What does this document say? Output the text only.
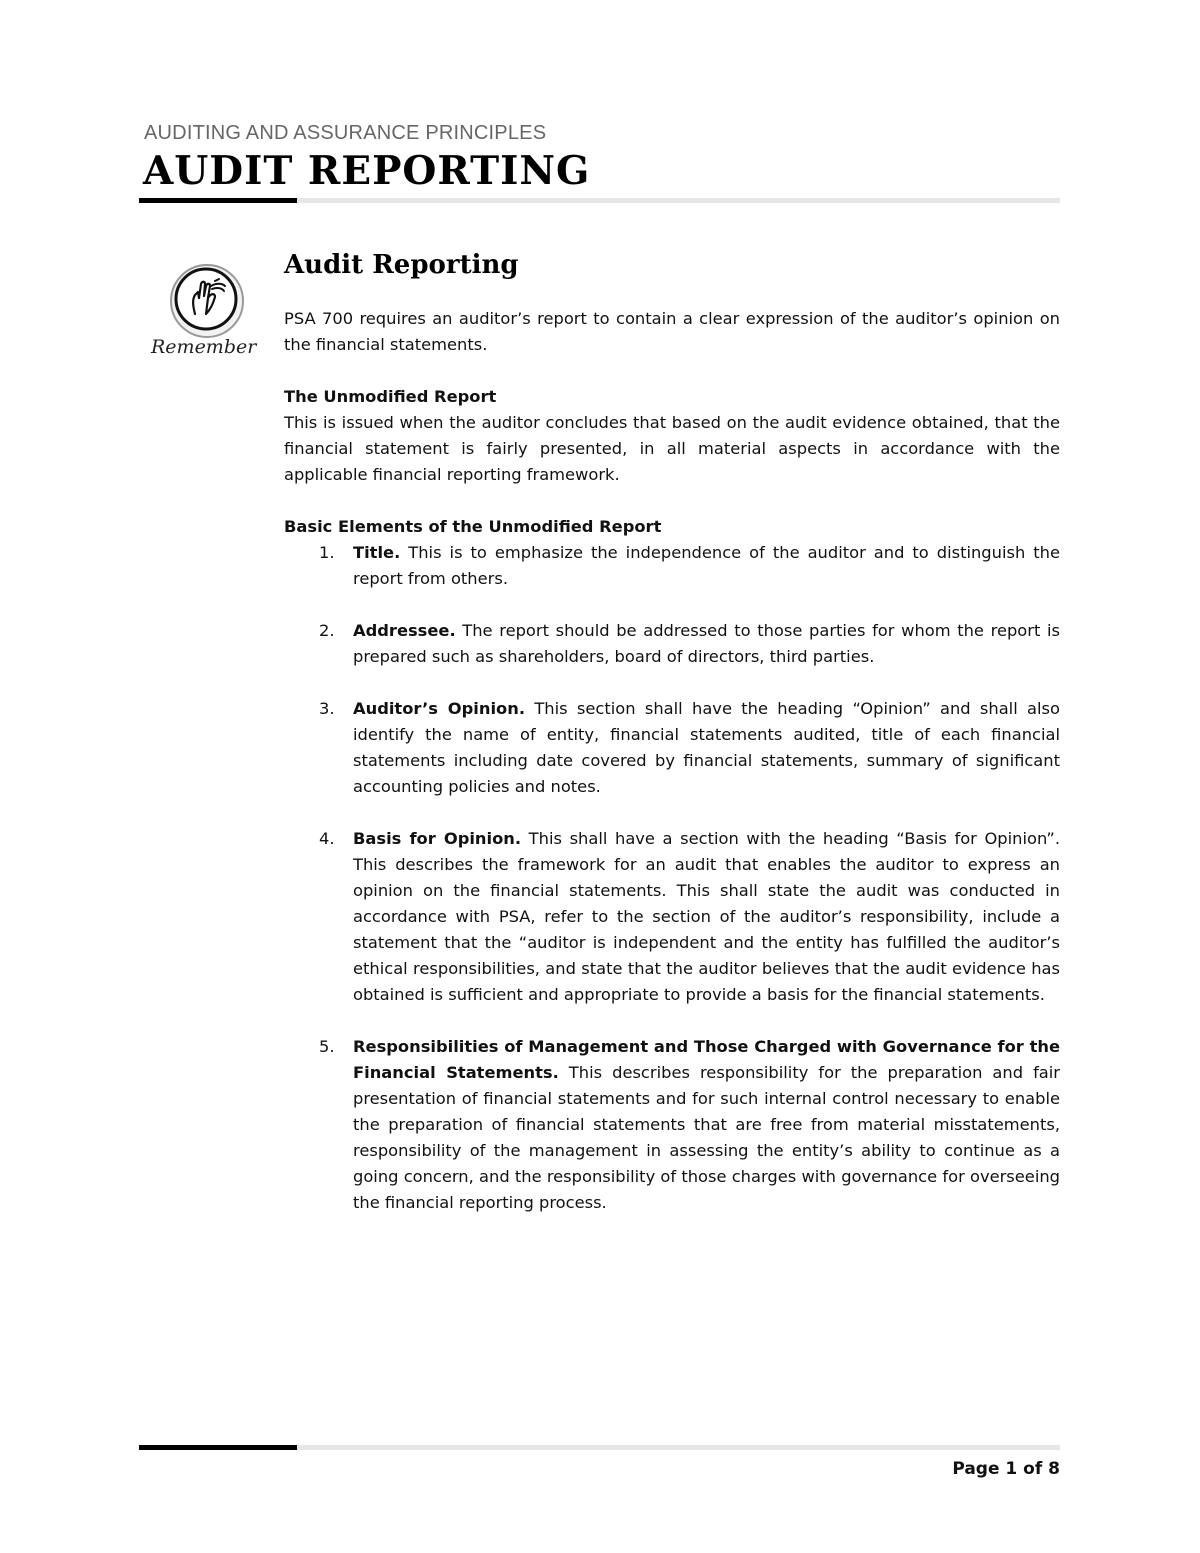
AUDITING AND ASSURANCE PRINCIPLES
AUDIT REPORTING
Remember
Audit Reporting

PSA 700 requires an auditor’s report to contain a clear expression of the auditor’s opinion on the financial statements.

The Unmodified Report

This is issued when the auditor concludes that based on the audit evidence obtained, that the financial statement is fairly presented, in all material aspects in accordance with the applicable financial reporting framework.

Basic Elements of the Unmodified Report
1. Title. This is to emphasize the independence of the auditor and to distinguish the report from others.
2. Addressee. The report should be addressed to those parties for whom the report is prepared such as shareholders, board of directors, third parties.
3. Auditor’s Opinion. This section shall have the heading “Opinion” and shall also identify the name of entity, financial statements audited, title of each financial statements including date covered by financial statements, summary of significant accounting policies and notes.
4. Basis for Opinion. This shall have a section with the heading “Basis for Opinion”. This describes the framework for an audit that enables the auditor to express an opinion on the financial statements. This shall state the audit was conducted in accordance with PSA, refer to the section of the auditor’s responsibility, include a statement that the “auditor is independent and the entity has fulfilled the auditor’s ethical responsibilities, and state that the auditor believes that the audit evidence has obtained is sufficient and appropriate to provide a basis for the financial statements.
5. Responsibilities of Management and Those Charged with Governance for the Financial Statements. This describes responsibility for the preparation and fair presentation of financial statements and for such internal control necessary to enable the preparation of financial statements that are free from material misstatements, responsibility of the management in assessing the entity’s ability to continue as a going concern, and the responsibility of those charges with governance for overseeing the financial reporting process.
Page 1 of 8
